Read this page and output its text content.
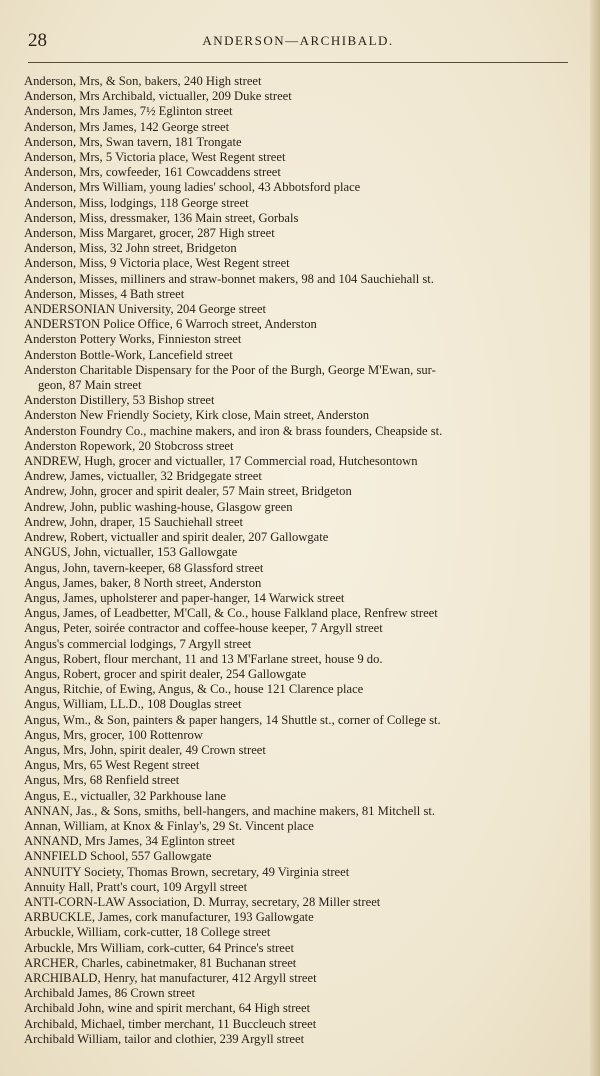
28	ANDERSON—ARCHIBALD.
Anderson, Mrs, & Son, bakers, 240 High street
Anderson, Mrs Archibald, victualler, 209 Duke street
Anderson, Mrs James, 7½ Eglinton street
Anderson, Mrs James, 142 George street
Anderson, Mrs, Swan tavern, 181 Trongate
Anderson, Mrs, 5 Victoria place, West Regent street
Anderson, Mrs, cowfeeder, 161 Cowcaddens street
Anderson, Mrs William, young ladies' school, 43 Abbotsford place
Anderson, Miss, lodgings, 118 George street
Anderson, Miss, dressmaker, 136 Main street, Gorbals
Anderson, Miss Margaret, grocer, 287 High street
Anderson, Miss, 32 John street, Bridgeton
Anderson, Miss, 9 Victoria place, West Regent street
Anderson, Misses, milliners and straw-bonnet makers, 98 and 104 Sauchiehall st.
Anderson, Misses, 4 Bath street
ANDERSONIAN University, 204 George street
ANDERSTON Police Office, 6 Warroch street, Anderston
Anderston Pottery Works, Finnieston street
Anderston Bottle-Work, Lancefield street
Anderston Charitable Dispensary for the Poor of the Burgh, George M'Ewan, sur-
geon, 87 Main street
Anderston Distillery, 53 Bishop street
Anderston New Friendly Society, Kirk close, Main street, Anderston
Anderston Foundry Co., machine makers, and iron & brass founders, Cheapside st.
Anderston Ropework, 20 Stobcross street
ANDREW, Hugh, grocer and victualler, 17 Commercial road, Hutchesontown
Andrew, James, victualler, 32 Bridgegate street
Andrew, John, grocer and spirit dealer, 57 Main street, Bridgeton
Andrew, John, public washing-house, Glasgow green
Andrew, John, draper, 15 Sauchiehall street
Andrew, Robert, victualler and spirit dealer, 207 Gallowgate
ANGUS, John, victualler, 153 Gallowgate
Angus, John, tavern-keeper, 68 Glassford street
Angus, James, baker, 8 North street, Anderston
Angus, James, upholsterer and paper-hanger, 14 Warwick street
Angus, James, of Leadbetter, M'Call, & Co., house Falkland place, Renfrew street
Angus, Peter, soirée contractor and coffee-house keeper, 7 Argyll street
Angus's commercial lodgings, 7 Argyll street
Angus, Robert, flour merchant, 11 and 13 M'Farlane street, house 9 do.
Angus, Robert, grocer and spirit dealer, 254 Gallowgate
Angus, Ritchie, of Ewing, Angus, & Co., house 121 Clarence place
Angus, William, LL.D., 108 Douglas street
Angus, Wm., & Son, painters & paper hangers, 14 Shuttle st., corner of College st.
Angus, Mrs, grocer, 100 Rottenrow
Angus, Mrs, John, spirit dealer, 49 Crown street
Angus, Mrs, 65 West Regent street
Angus, Mrs, 68 Renfield street
Angus, E., victualler, 32 Parkhouse lane
ANNAN, Jas., & Sons, smiths, bell-hangers, and machine makers, 81 Mitchell st.
Annan, William, at Knox & Finlay's, 29 St. Vincent place
ANNAND, Mrs James, 34 Eglinton street
ANNFIELD School, 557 Gallowgate
ANNUITY Society, Thomas Brown, secretary, 49 Virginia street
Annuity Hall, Pratt's court, 109 Argyll street
ANTI-CORN-LAW Association, D. Murray, secretary, 28 Miller street
ARBUCKLE, James, cork manufacturer, 193 Gallowgate
Arbuckle, William, cork-cutter, 18 College street
Arbuckle, Mrs William, cork-cutter, 64 Prince's street
ARCHER, Charles, cabinetmaker, 81 Buchanan street
ARCHIBALD, Henry, hat manufacturer, 412 Argyll street
Archibald James, 86 Crown street
Archibald John, wine and spirit merchant, 64 High street
Archibald, Michael, timber merchant, 11 Buccleuch street
Archibald William, tailor and clothier, 239 Argyll street
